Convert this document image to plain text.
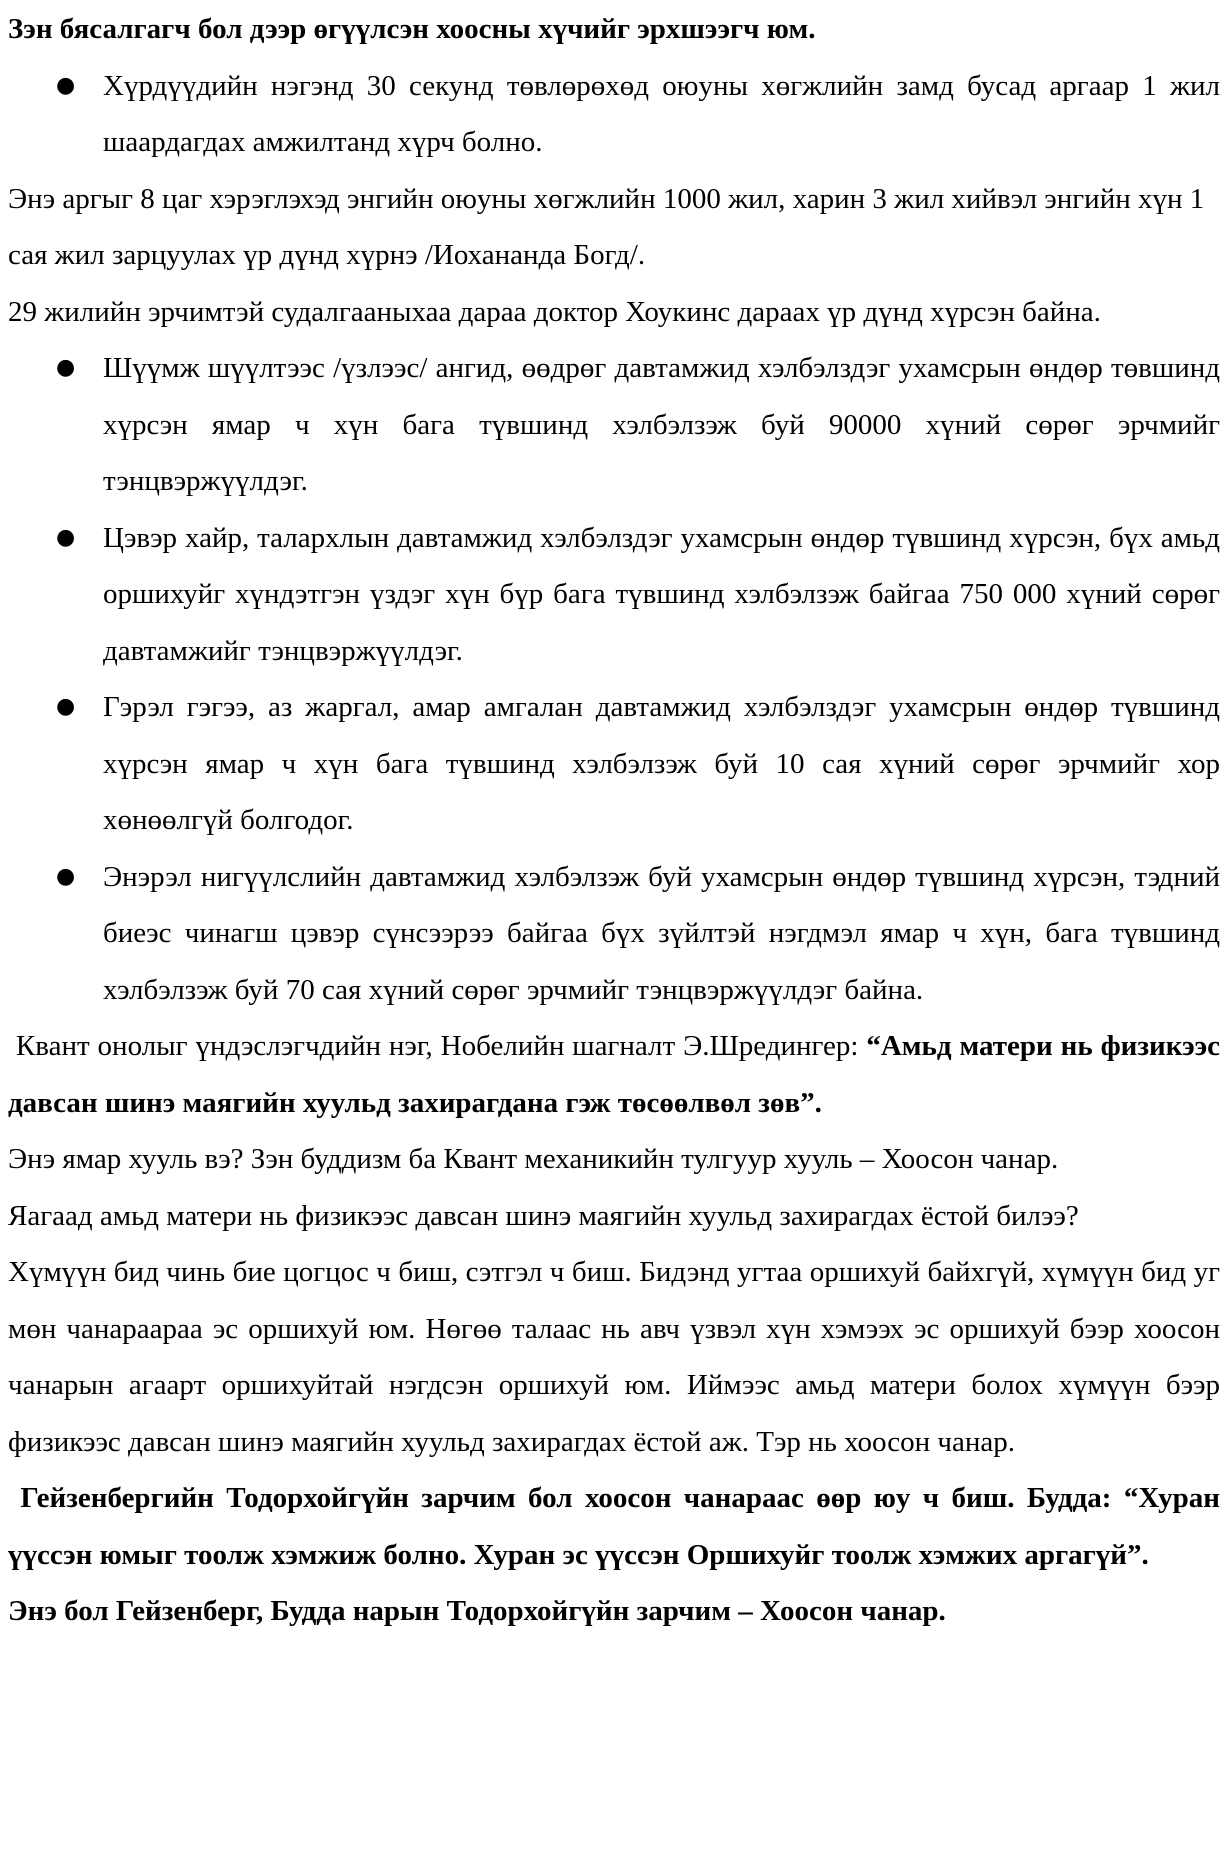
Зэн бясалгагч бол дээр өгүүлсэн хоосны хүчийг эрхшээгч юм.

● Хүрдүүдийн нэгэнд 30 секунд төвлөрөхөд оюуны хөгжлийн замд бусад аргаар 1 жил шаардагдах амжилтанд хүрч болно.

Энэ аргыг 8 цаг хэрэглэхэд энгийн оюуны хөгжлийн 1000 жил, харин 3 жил хийвэл энгийн хүн 1 сая жил зарцуулах үр дүнд хүрнэ /Иохананда Богд/.

29 жилийн эрчимтэй судалгааныхаа дараа доктор Хоукинс дараах үр дүнд хүрсэн байна.

● Шүүмж шүүлтээс /үзлээс/ ангид, өөдрөг давтамжид хэлбэлздэг ухамсрын өндөр төвшинд хүрсэн ямар ч хүн бага түвшинд хэлбэлзэж буй 90000 хүний сөрөг эрчмийг тэнцвэржүүлдэг.
● Цэвэр хайр, талархлын давтамжид хэлбэлздэг ухамсрын өндөр түвшинд хүрсэн, бүх амьд оршихуйг хүндэтгэн үздэг хүн бүр бага түвшинд хэлбэлзэж байгаа 750 000 хүний сөрөг давтамжийг тэнцвэржүүлдэг.
● Гэрэл гэгээ, аз жаргал, амар амгалан давтамжид хэлбэлздэг ухамсрын өндөр түвшинд хүрсэн ямар ч хүн бага түвшинд хэлбэлзэж буй 10 сая хүний сөрөг эрчмийг хор хөнөөлгүй болгодог.
● Энэрэл нигүүлслийн давтамжид хэлбэлзэж буй ухамсрын өндөр түвшинд хүрсэн, тэдний биеэс чинагш цэвэр сүнсээрээ байгаа бүх зүйлтэй нэгдмэл ямар ч хүн, бага түвшинд хэлбэлзэж буй 70 сая хүний сөрөг эрчмийг тэнцвэржүүлдэг байна.

Квант онолыг үндэслэгчдийн нэг, Нобелийн шагналт Э.Шредингер: “Амьд матери нь физикээс давсан шинэ маягийн хуульд захирагдана гэж төсөөлвөл зөв”.

Энэ ямар хууль вэ? Зэн буддизм ба Квант механикийн тулгуур хууль – Хоосон чанар.

Яагаад амьд матери нь физикээс давсан шинэ маягийн хуульд захирагдах ёстой билээ?

Хүмүүн бид чинь бие цогцос ч биш, сэтгэл ч биш. Бидэнд угтаа оршихуй байхгүй, хүмүүн бид уг мөн чанараараа эс оршихуй юм. Нөгөө талаас нь авч үзвэл хүн хэмээх эс оршихуй бээр хоосон чанарын агаарт оршихуйтай нэгдсэн оршихуй юм. Иймээс амьд матери болох хүмүүн бээр физикээс давсан шинэ маягийн хуульд захирагдах ёстой аж. Тэр нь хоосон чанар.

Гейзенбергийн Тодорхойгүйн зарчим бол хоосон чанараас өөр юу ч биш. Будда: “Хуран үүссэн юмыг тоолж хэмжиж болно. Хуран эс үүссэн Оршихуйг тоолж хэмжих аргагүй”.

Энэ бол Гейзенберг, Будда нарын Тодорхойгүйн зарчим – Хоосон чанар.
